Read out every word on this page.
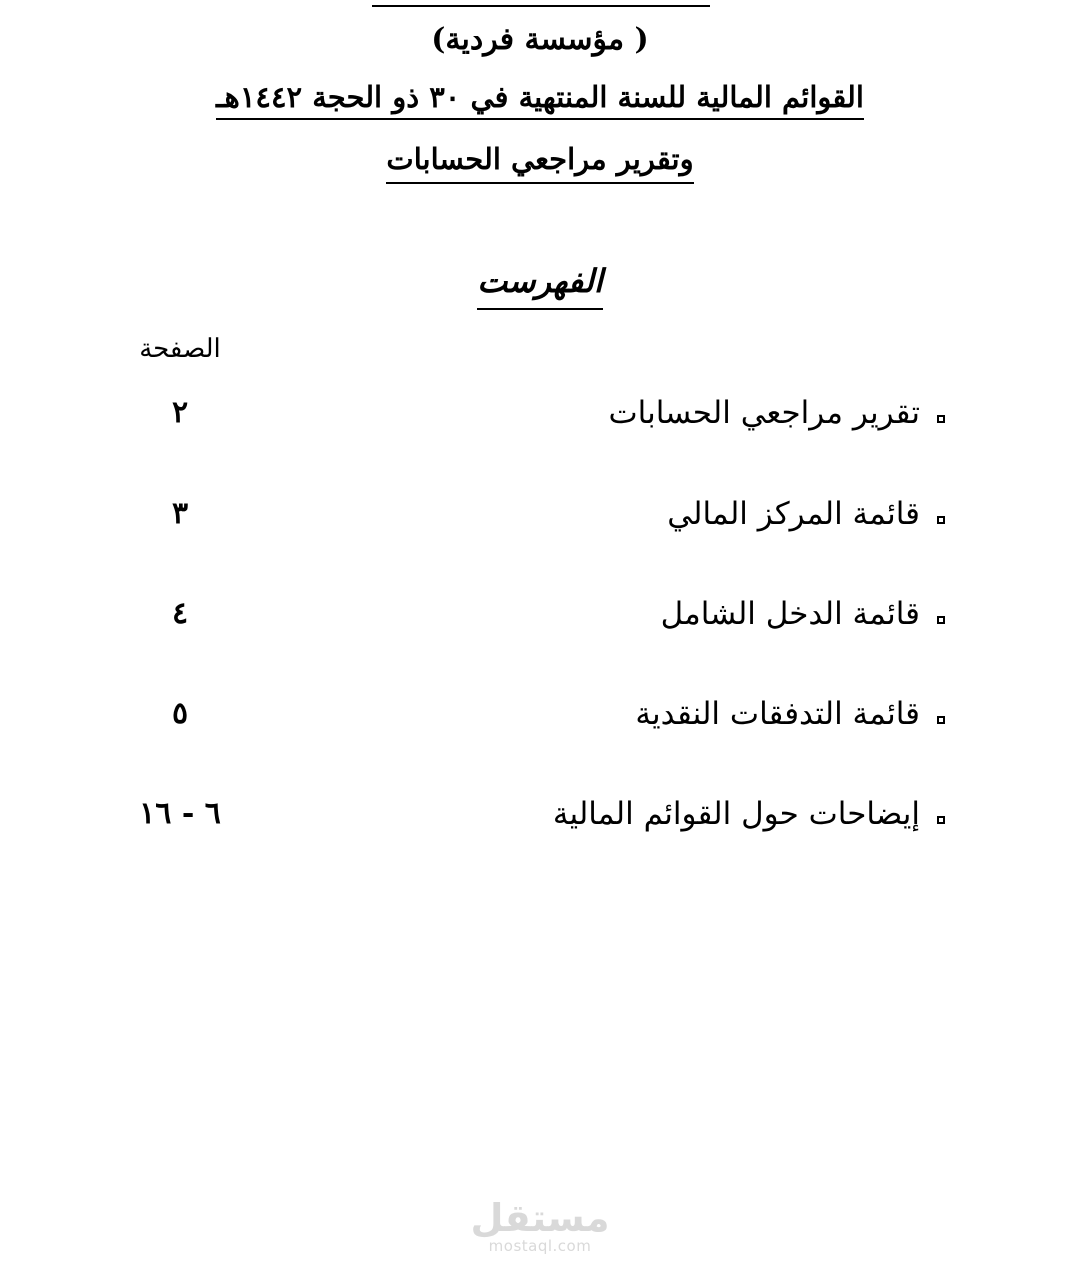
( مؤسسة فردية)
القوائم المالية للسنة المنتهية في ٣٠ ذو الحجة ١٤٤٢هـ
وتقرير مراجعي الحسابات
الفهرست
الصفحة
تقرير مراجعي الحسابات
٢
قائمة المركز المالي
٣
قائمة الدخل الشامل
٤
قائمة التدفقات النقدية
٥
إيضاحات حول القوائم المالية
٦ - ١٦
مستقل
mostaql.com
